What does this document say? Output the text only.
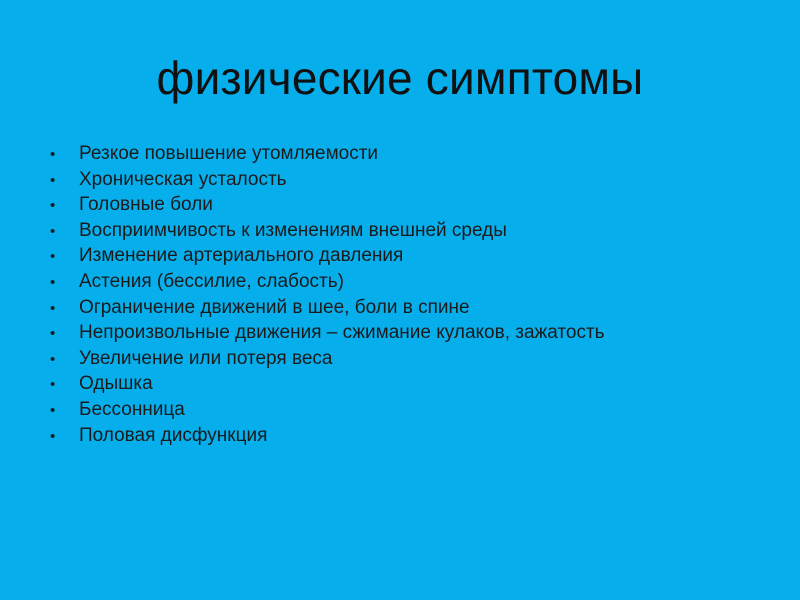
физические симптомы
•	Резкое повышение утомляемости
•	Хроническая усталость
•	Головные боли
•	Восприимчивость к изменениям внешней среды
•	Изменение артериального давления
•	Астения (бессилие, слабость)
•	Ограничение движений в шее, боли в спине
•	Непроизвольные движения – сжимание кулаков, зажатость
•	Увеличение или потеря веса
•	Одышка
•	Бессонница
•	Половая дисфункция
